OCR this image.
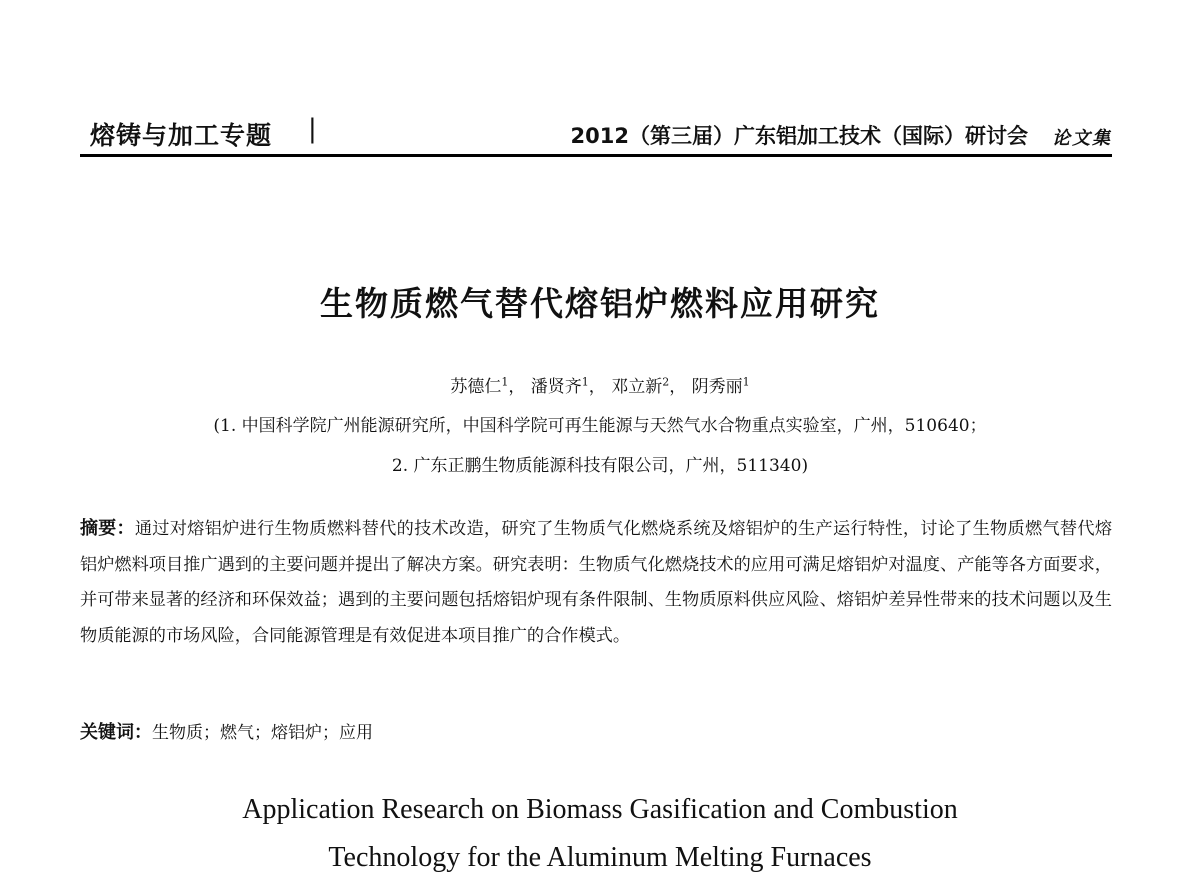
熔铸与加工专题 |	2012（第三届）广东铝加工技术（国际）研讨会 论文集
生物质燃气替代熔铝炉燃料应用研究
苏德仁$^1$， 潘贤齐$^1$， 邓立新$^2$， 阴秀丽$^1$
(1. 中国科学院广州能源研究所，中国科学院可再生能源与天然气水合物重点实验室，广州，510640；
2. 广东正鹏生物质能源科技有限公司，广州，511340)
摘要：通过对熔铝炉进行生物质燃料替代的技术改造，研究了生物质气化燃烧系统及熔铝炉的生产运行特性，讨论了生物质燃气替代熔铝炉燃料项目推广遇到的主要问题并提出了解决方案。研究表明：生物质气化燃烧技术的应用可满足熔铝炉对温度、产能等各方面要求，并可带来显著的经济和环保效益；遇到的主要问题包括熔铝炉现有条件限制、生物质原料供应风险、熔铝炉差异性带来的技术问题以及生物质能源的市场风险，合同能源管理是有效促进本项目推广的合作模式。
关键词：生物质；燃气；熔铝炉；应用
Application Research on Biomass Gasification and Combustion
Technology for the Aluminum Melting Furnaces
